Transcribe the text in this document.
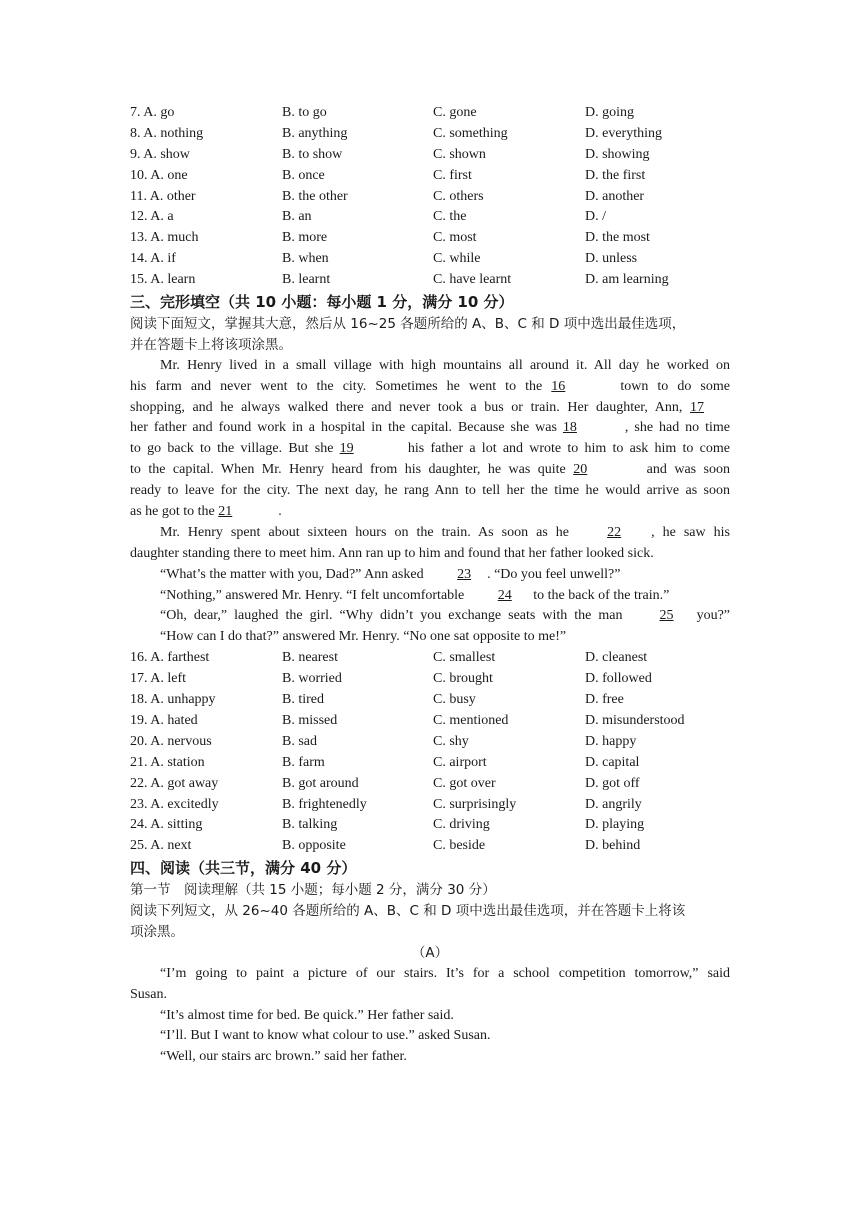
7. A. go	B. to go	C. gone	D. going
8. A. nothing	B. anything	C. something	D. everything
9. A. show	B. to show	C. shown	D. showing
10. A. one	B. once	C. first	D. the first
11. A. other	B. the other	C. others	D. another
12. A. a	B. an	C. the	D. /
13. A. much	B. more	C. most	D. the most
14. A. if	B. when	C. while	D. unless
15. A. learn	B. learnt	C. have learnt	D. am learning
三、完形填空（共 10 小题：每小题 1 分，满分 10 分）
阅读下面短文，掌握其大意，然后从 16~25 各题所给的 A、B、C 和 D 项中选出最佳选项，
并在答题卡上将该项涂黑。
Mr. Henry lived in a small village with high mountains all around it. All day he worked on
his farm and never went to the city. Sometimes he went to the 16	town to do some
shopping, and he always walked there and never took a bus or train. Her daughter, Ann, 17
her father and found work in a hospital in the capital. Because she was 18	, she had no time
to go back to the village. But she 19	his father a lot and wrote to him to ask him to come
to the capital. When Mr. Henry heard from his daughter, he was quite 20	and was soon
ready to leave for the city. The next day, he rang Ann to tell her the time he would arrive as soon
as he got to the 21	.
Mr. Henry spent about sixteen hours on the train. As soon as he	22 , he saw his
daughter standing there to meet him. Ann ran up to him and found that her father looked sick.
“What’s the matter with you, Dad?” Ann asked 23 . “Do you feel unwell?”
“Nothing,” answered Mr. Henry. “I felt uncomfortable 24 to the back of the train.”
“Oh, dear,” laughed the girl. “Why didn’t you exchange seats with the man	25 you?”
“How can I do that?” answered Mr. Henry. “No one sat opposite to me!”
16. A. farthest	B. nearest	C. smallest	D. cleanest
17. A. left	B. worried	C. brought	D. followed
18. A. unhappy	B. tired	C. busy	D. free
19. A. hated	B. missed	C. mentioned	D. misunderstood
20. A. nervous	B. sad	C. shy	D. happy
21. A. station	B. farm	C. airport	D. capital
22. A. got away	B. got around	C. got over	D. got off
23. A. excitedly	B. frightenedly	C. surprisingly	D. angrily
24. A. sitting	B. talking	C. driving	D. playing
25. A. next	B. opposite	C. beside	D. behind
四、阅读（共三节，满分 40 分）
第一节　阅读理解（共 15 小题；每小题 2 分，满分 30 分）
阅读下列短文，从 26~40 各题所给的 A、B、C 和 D 项中选出最佳选项，并在答题卡上将该
项涂黑。
（A）
“I’m going to paint a picture of our stairs. It’s for a school competition tomorrow,” said
Susan.
“It’s almost time for bed. Be quick.” Her father said.
“I’ll. But I want to know what colour to use.” asked Susan.
“Well, our stairs arc brown.” said her father.
